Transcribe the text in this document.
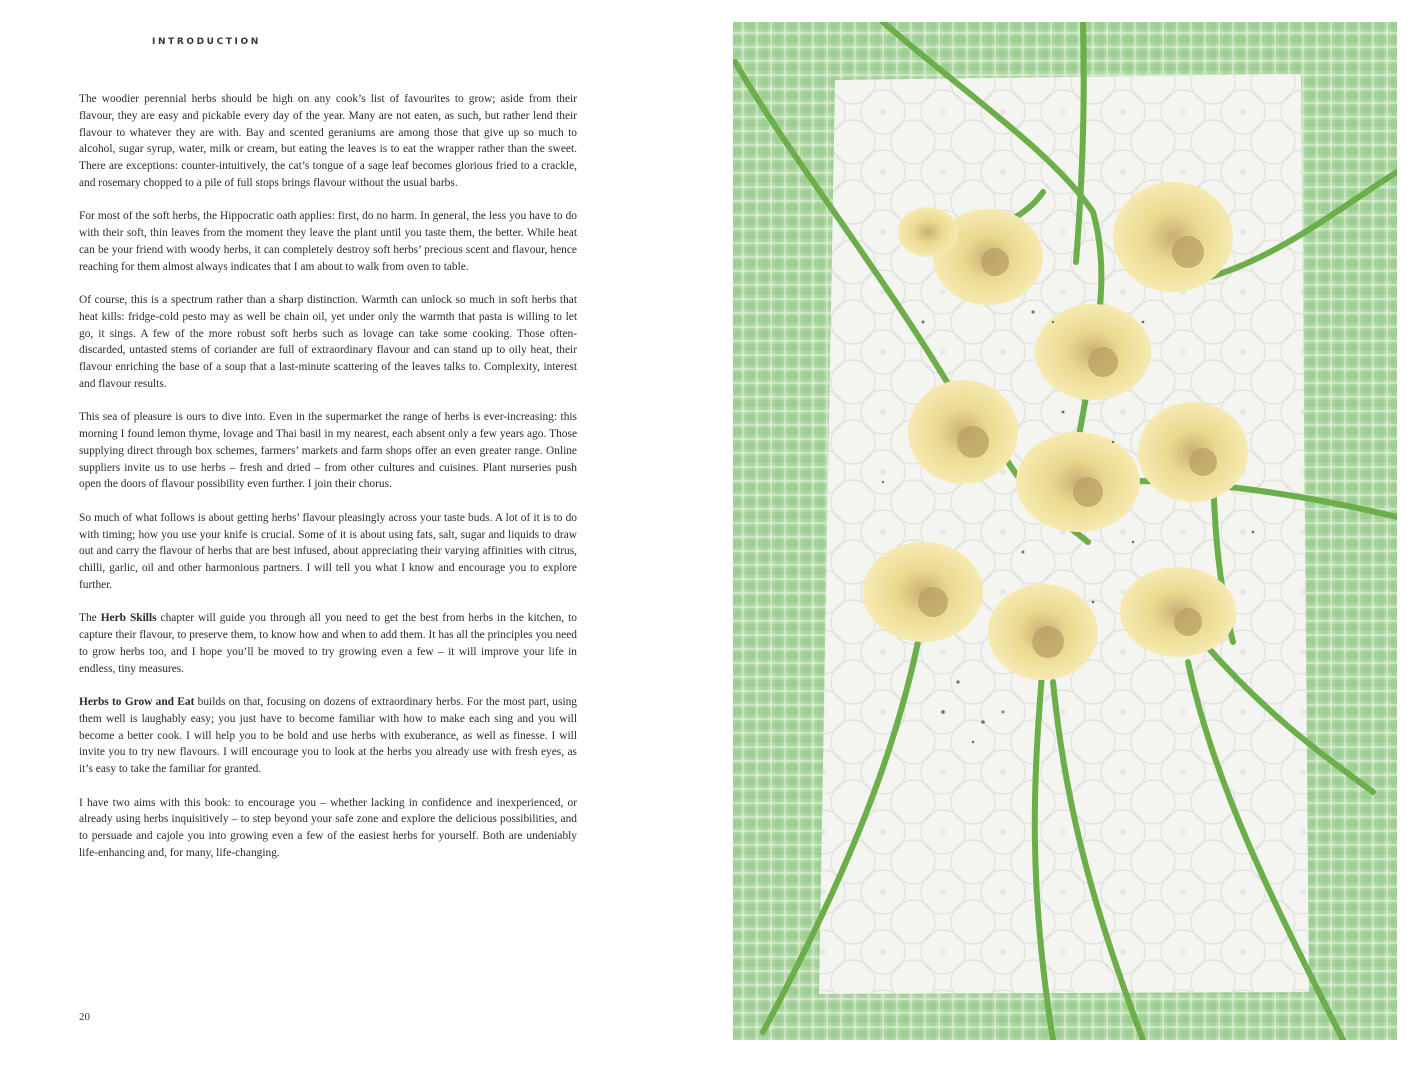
INTRODUCTION

The woodier perennial herbs should be high on any cook’s list of favourites to grow; aside from their flavour, they are easy and pickable every day of the year. Many are not eaten, as such, but rather lend their flavour to whatever they are with. Bay and scented geraniums are among those that give up so much to alcohol, sugar syrup, water, milk or cream, but eating the leaves is to eat the wrapper rather than the sweet. There are exceptions: counter-intuitively, the cat’s tongue of a sage leaf becomes glorious fried to a crackle, and rosemary chopped to a pile of full stops brings flavour without the usual barbs.

For most of the soft herbs, the Hippocratic oath applies: first, do no harm. In general, the less you have to do with their soft, thin leaves from the moment they leave the plant until you taste them, the better. While heat can be your friend with woody herbs, it can completely destroy soft herbs’ precious scent and flavour, hence reaching for them almost always indicates that I am about to walk from oven to table.

Of course, this is a spectrum rather than a sharp distinction. Warmth can unlock so much in soft herbs that heat kills: fridge-cold pesto may as well be chain oil, yet under only the warmth that pasta is willing to let go, it sings. A few of the more robust soft herbs such as lovage can take some cooking. Those often-discarded, untasted stems of coriander are full of extraordinary flavour and can stand up to oily heat, their flavour enriching the base of a soup that a last-minute scattering of the leaves talks to. Complexity, interest and flavour results.

This sea of pleasure is ours to dive into. Even in the supermarket the range of herbs is ever-increasing: this morning I found lemon thyme, lovage and Thai basil in my nearest, each absent only a few years ago. Those supplying direct through box schemes, farmers’ markets and farm shops offer an even greater range. Online suppliers invite us to use herbs – fresh and dried – from other cultures and cuisines. Plant nurseries push open the doors of flavour possibility even further. I join their chorus.

So much of what follows is about getting herbs’ flavour pleasingly across your taste buds. A lot of it is to do with timing; how you use your knife is crucial. Some of it is about using fats, salt, sugar and liquids to draw out and carry the flavour of herbs that are best infused, about appreciating their varying affinities with citrus, chilli, garlic, oil and other harmonious partners. I will tell you what I know and encourage you to explore further.

The Herb Skills chapter will guide you through all you need to get the best from herbs in the kitchen, to capture their flavour, to preserve them, to know how and when to add them. It has all the principles you need to grow herbs too, and I hope you’ll be moved to try growing even a few – it will improve your life in endless, tiny measures.

Herbs to Grow and Eat builds on that, focusing on dozens of extraordinary herbs. For the most part, using them well is laughably easy; you just have to become familiar with how to make each sing and you will become a better cook. I will help you to be bold and use herbs with exuberance, as well as finesse. I will invite you to try new flavours. I will encourage you to look at the herbs you already use with fresh eyes, as it’s easy to take the familiar for granted.

I have two aims with this book: to encourage you – whether lacking in confidence and inexperienced, or already using herbs inquisitively – to step beyond your safe zone and explore the delicious possibilities, and to persuade and cajole you into growing even a few of the easiest herbs for yourself. Both are undeniably life-enhancing and, for many, life-changing.

20
